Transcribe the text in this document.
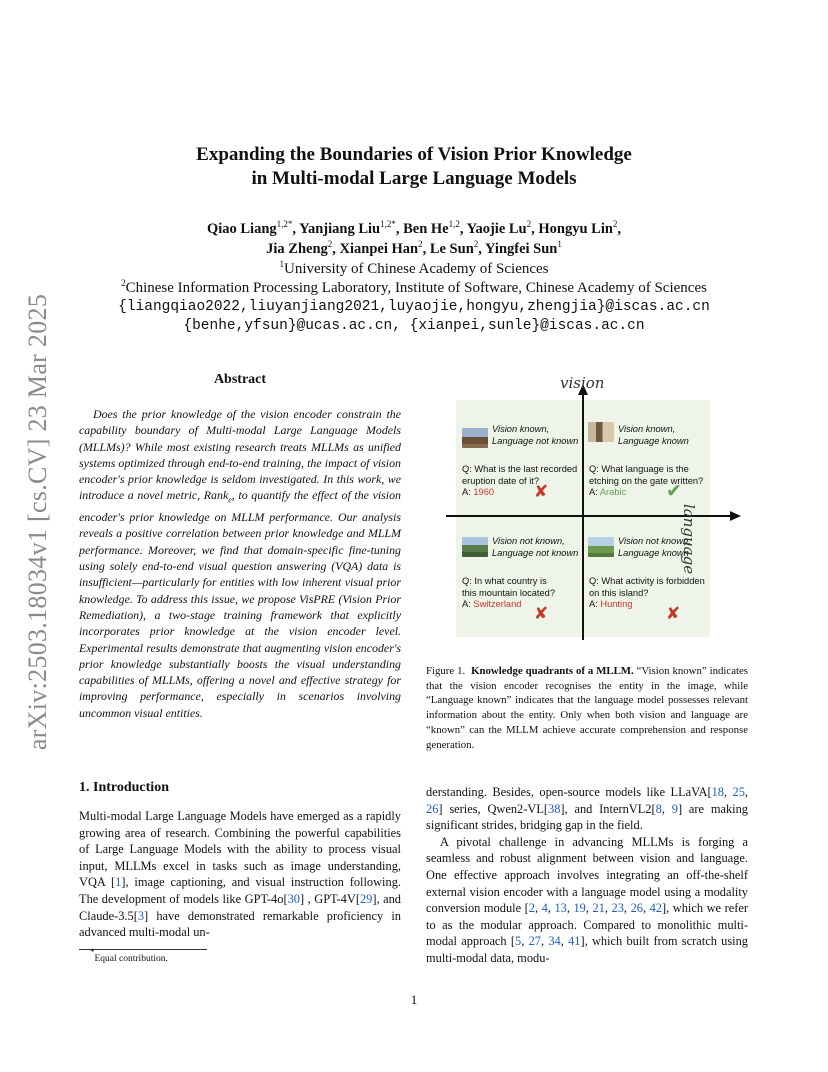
arXiv:2503.18034v1 [cs.CV] 23 Mar 2025
Expanding the Boundaries of Vision Prior Knowledge
in Multi-modal Large Language Models
Qiao Liang$^{1,2*}$, Yanjiang Liu$^{1,2*}$, Ben He$^{1,2}$, Yaojie Lu$^2$, Hongyu Lin$^2$,
Jia Zheng$^2$, Xianpei Han$^2$, Le Sun$^2$, Yingfei Sun$^1$
$^1$University of Chinese Academy of Sciences
$^2$Chinese Information Processing Laboratory, Institute of Software, Chinese Academy of Sciences
{liangqiao2022,liuyanjiang2021,luyaojie,hongyu,zhengjia}@iscas.ac.cn
{benhe,yfsun}@ucas.ac.cn, {xianpei,sunle}@iscas.ac.cn
Abstract
Does the prior knowledge of the vision encoder constrain the capability boundary of Multi-modal Large Language Models (MLLMs)? While most existing research treats MLLMs as unified systems optimized through end-to-end training, the impact of vision encoder's prior knowledge is seldom investigated. In this work, we introduce a novel metric, Rank$_e$, to quantify the effect of the vision encoder's prior knowledge on MLLM performance. Our analysis reveals a positive correlation between prior knowledge and MLLM performance. Moreover, we find that domain-specific fine-tuning using solely end-to-end visual question answering (VQA) data is insufficient—particularly for entities with low inherent visual prior knowledge. To address this issue, we propose VisPRE (Vision Prior Remediation), a two-stage training framework that explicitly incorporates prior knowledge at the vision encoder level. Experimental results demonstrate that augmenting vision encoder's prior knowledge substantially boosts the visual understanding capabilities of MLLMs, offering a novel and effective strategy for improving performance, especially in scenarios involving uncommon visual entities.
1. Introduction

Multi-modal Large Language Models have emerged as a rapidly growing area of research. Combining the powerful capabilities of Large Language Models with the ability to process visual input, MLLMs excel in tasks such as image understanding, VQA [1], image captioning, and visual instruction following. The development of models like GPT-4o[30] , GPT-4V[29], and Claude-3.5[3] have demonstrated remarkable proficiency in advanced multi-modal un-

*Equal contribution.
vision
language
Vision known,
Language not known
Q: What is the last recorded
eruption date of it?
A: 1960	✘
Vision known,
Language known
Q: What language is the
etching on the gate written?
A: Arabic	✔
Vision not known,
Language not known
Q: In what country is
this mountain located?
A: Switzerland ✘
Vision not known,
Language known
Q: What activity is forbidden
on this island?
A: Hunting	✘
Figure 1. Knowledge quadrants of a MLLM. “Vision known” indicates that the vision encoder recognises the entity in the image, while “Language known” indicates that the language model possesses relevant information about the entity. Only when both vision and language are “known” can the MLLM achieve accurate comprehension and response generation.

derstanding. Besides, open-source models like LLaVA[18, 25, 26] series, Qwen2-VL[38], and InternVL2[8, 9] are making significant strides, bridging gap in the field.

A pivotal challenge in advancing MLLMs is forging a seamless and robust alignment between vision and language. One effective approach involves integrating an off-the-shelf external vision encoder with a language model using a modality conversion module [2, 4, 13, 19, 21, 23, 26, 42], which we refer to as the modular approach. Compared to monolithic multi-modal approach [5, 27, 34, 41], which built from scratch using multi-modal data, modu-

1
